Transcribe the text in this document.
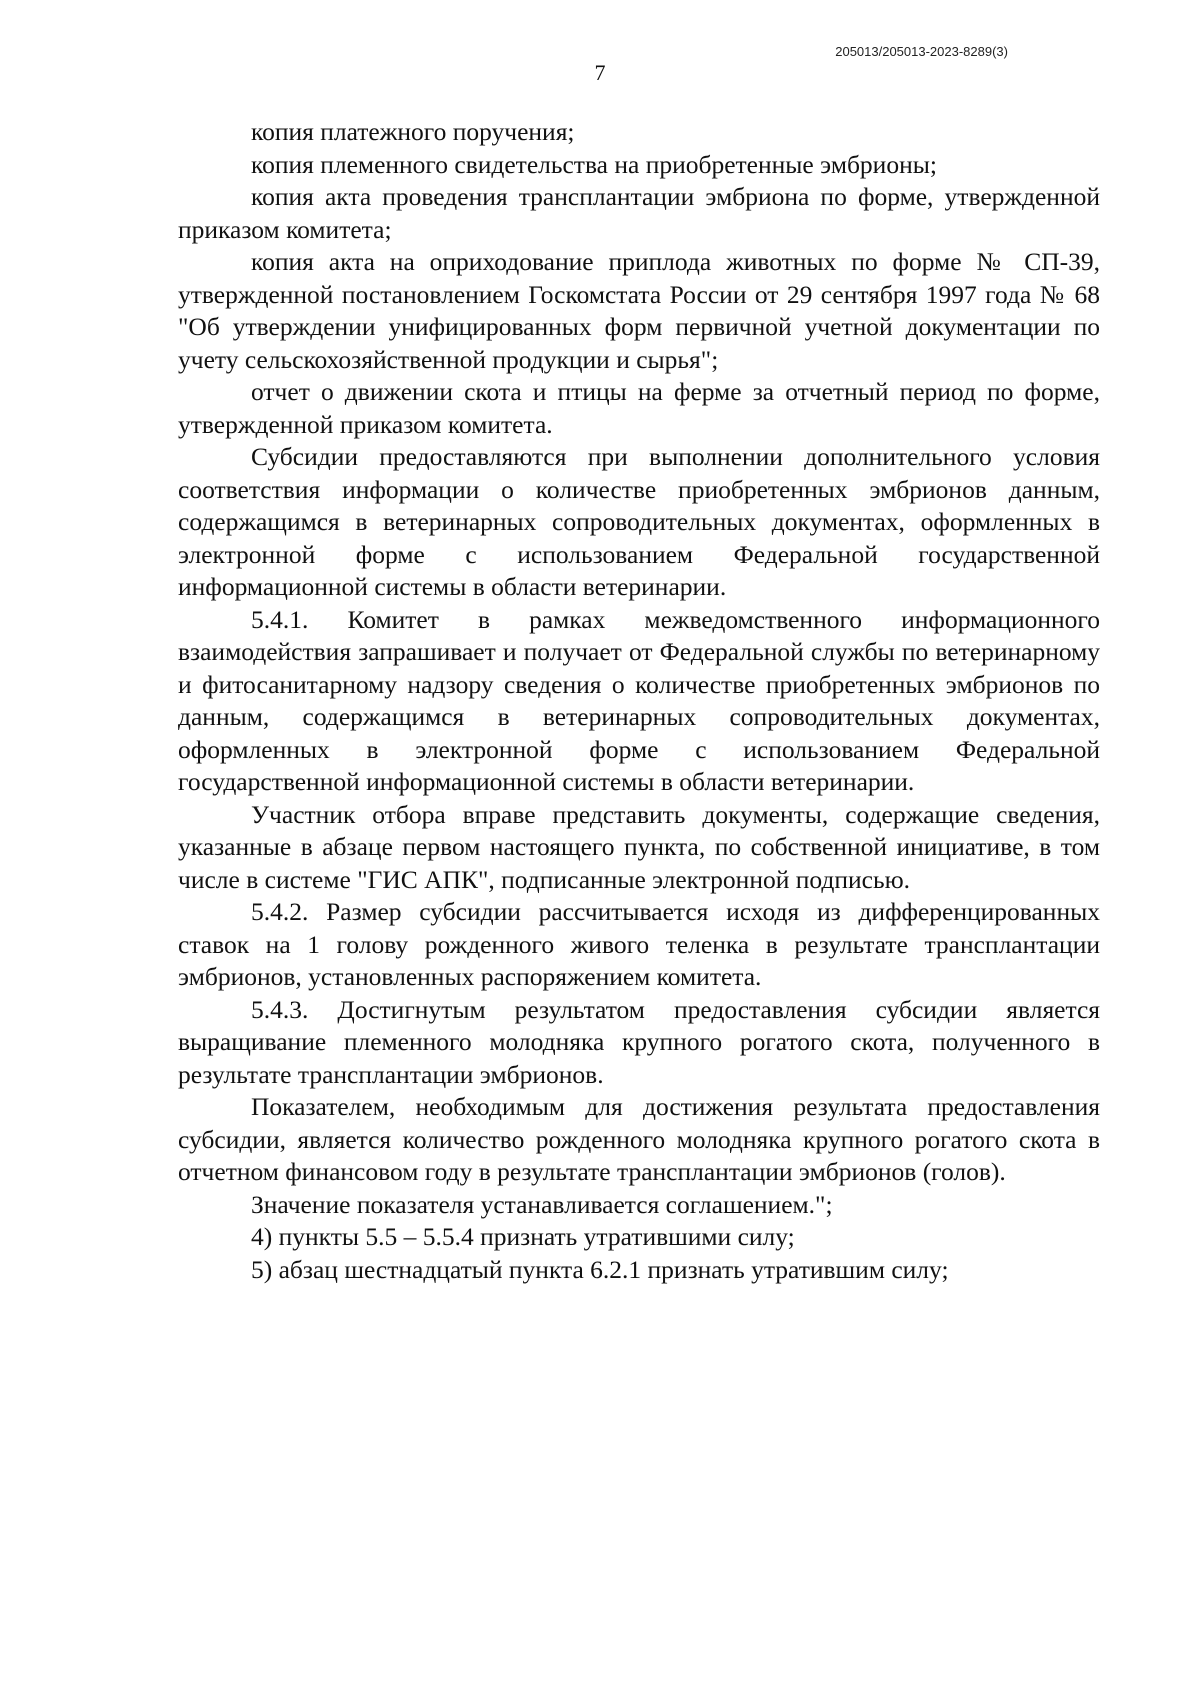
205013/205013-2023-8289(3)
7

копия платежного поручения;

копия племенного свидетельства на приобретенные эмбрионы;

копия акта проведения трансплантации эмбриона по форме, утвержденной приказом комитета;

копия акта на оприходование приплода животных по форме № СП-39, утвержденной постановлением Госкомстата России от 29 сентября 1997 года № 68 "Об утверждении унифицированных форм первичной учетной документации по учету сельскохозяйственной продукции и сырья";

отчет о движении скота и птицы на ферме за отчетный период по форме, утвержденной приказом комитета.

Субсидии предоставляются при выполнении дополнительного условия соответствия информации о количестве приобретенных эмбрионов данным, содержащимся в ветеринарных сопроводительных документах, оформленных в электронной форме с использованием Федеральной государственной информационной системы в области ветеринарии.

5.4.1. Комитет в рамках межведомственного информационного взаимодействия запрашивает и получает от Федеральной службы по ветеринарному и фитосанитарному надзору сведения о количестве приобретенных эмбрионов по данным, содержащимся в ветеринарных сопроводительных документах, оформленных в электронной форме с использованием Федеральной государственной информационной системы в области ветеринарии.

Участник отбора вправе представить документы, содержащие сведения, указанные в абзаце первом настоящего пункта, по собственной инициативе, в том числе в системе "ГИС АПК", подписанные электронной подписью.

5.4.2. Размер субсидии рассчитывается исходя из дифференцированных ставок на 1 голову рожденного живого теленка в результате трансплантации эмбрионов, установленных распоряжением комитета.

5.4.3. Достигнутым результатом предоставления субсидии является выращивание племенного молодняка крупного рогатого скота, полученного в результате трансплантации эмбрионов.

Показателем, необходимым для достижения результата предоставления субсидии, является количество рожденного молодняка крупного рогатого скота в отчетном финансовом году в результате трансплантации эмбрионов (голов).

Значение показателя устанавливается соглашением.";

4) пункты 5.5 – 5.5.4 признать утратившими силу;

5) абзац шестнадцатый пункта 6.2.1 признать утратившим силу;
